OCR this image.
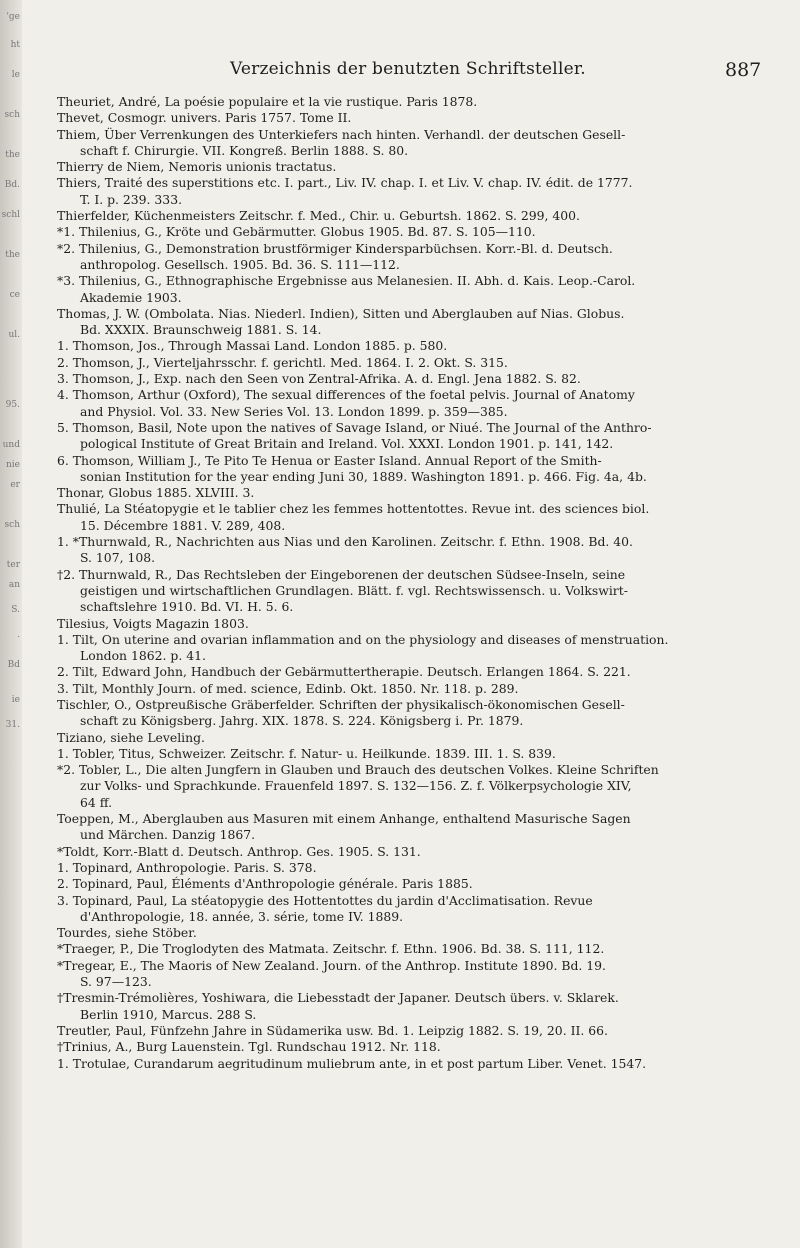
'ge
ht
le
sch
the
Bd.
schl
the
ce
ul.
95.
und
nie
er
sch
ter
an
S.
.
Bd
ie
31.
Verzeichnis der benutzten Schriftsteller.	887
Theuriet, André, La poésie populaire et la vie rustique. Paris 1878.
Thevet, Cosmogr. univers. Paris 1757. Tome II.
Thiem, Über Verrenkungen des Unterkiefers nach hinten. Verhandl. der deutschen Gesell-
schaft f. Chirurgie. VII. Kongreß. Berlin 1888. S. 80.
Thierry de Niem, Nemoris unionis tractatus.
Thiers, Traité des superstitions etc. I. part., Liv. IV. chap. I. et Liv. V. chap. IV. édit. de 1777.
T. I. p. 239. 333.
Thierfelder, Küchenmeisters Zeitschr. f. Med., Chir. u. Geburtsh. 1862. S. 299, 400.
*1. Thilenius, G., Kröte und Gebärmutter. Globus 1905. Bd. 87. S. 105—110.
*2. Thilenius, G., Demonstration brustförmiger Kindersparbüchsen. Korr.-Bl. d. Deutsch.
anthropolog. Gesellsch. 1905. Bd. 36. S. 111—112.
*3. Thilenius, G., Ethnographische Ergebnisse aus Melanesien. II. Abh. d. Kais. Leop.-Carol.
Akademie 1903.
Thomas, J. W. (Ombolata. Nias. Niederl. Indien), Sitten und Aberglauben auf Nias. Globus.
Bd. XXXIX. Braunschweig 1881. S. 14.
1. Thomson, Jos., Through Massai Land. London 1885. p. 580.
2. Thomson, J., Vierteljahrsschr. f. gerichtl. Med. 1864. I. 2. Okt. S. 315.
3. Thomson, J., Exp. nach den Seen von Zentral-Afrika. A. d. Engl. Jena 1882. S. 82.
4. Thomson, Arthur (Oxford), The sexual differences of the foetal pelvis. Journal of Anatomy
and Physiol. Vol. 33. New Series Vol. 13. London 1899. p. 359—385.
5. Thomson, Basil, Note upon the natives of Savage Island, or Niué. The Journal of the Anthro-
pological Institute of Great Britain and Ireland. Vol. XXXI. London 1901. p. 141, 142.
6. Thomson, William J., Te Pito Te Henua or Easter Island. Annual Report of the Smith-
sonian Institution for the year ending Juni 30, 1889. Washington 1891. p. 466. Fig. 4a, 4b.
Thonar, Globus 1885. XLVIII. 3.
Thulié, La Stéatopygie et le tablier chez les femmes hottentottes. Revue int. des sciences biol.
15. Décembre 1881. V. 289, 408.
1. *Thurnwald, R., Nachrichten aus Nias und den Karolinen. Zeitschr. f. Ethn. 1908. Bd. 40.
S. 107, 108.
†2. Thurnwald, R., Das Rechtsleben der Eingeborenen der deutschen Südsee-Inseln, seine
geistigen und wirtschaftlichen Grundlagen. Blätt. f. vgl. Rechtswissensch. u. Volkswirt-
schaftslehre 1910. Bd. VI. H. 5. 6.
Tilesius, Voigts Magazin 1803.
1. Tilt, On uterine and ovarian inflammation and on the physiology and diseases of menstruation.
London 1862. p. 41.
2. Tilt, Edward John, Handbuch der Gebärmuttertherapie. Deutsch. Erlangen 1864. S. 221.
3. Tilt, Monthly Journ. of med. science, Edinb. Okt. 1850. Nr. 118. p. 289.
Tischler, O., Ostpreußische Gräberfelder. Schriften der physikalisch-ökonomischen Gesell-
schaft zu Königsberg. Jahrg. XIX. 1878. S. 224. Königsberg i. Pr. 1879.
Tiziano, siehe Leveling.
1. Tobler, Titus, Schweizer. Zeitschr. f. Natur- u. Heilkunde. 1839. III. 1. S. 839.
*2. Tobler, L., Die alten Jungfern in Glauben und Brauch des deutschen Volkes. Kleine Schriften
zur Volks- und Sprachkunde. Frauenfeld 1897. S. 132—156. Z. f. Völkerpsychologie XIV,
64 ff.
Toeppen, M., Aberglauben aus Masuren mit einem Anhange, enthaltend Masurische Sagen
und Märchen. Danzig 1867.
*Toldt, Korr.-Blatt d. Deutsch. Anthrop. Ges. 1905. S. 131.
1. Topinard, Anthropologie. Paris. S. 378.
2. Topinard, Paul, Éléments d'Anthropologie générale. Paris 1885.
3. Topinard, Paul, La stéatopygie des Hottentottes du jardin d'Acclimatisation. Revue
d'Anthropologie, 18. année, 3. série, tome IV. 1889.
Tourdes, siehe Stöber.
*Traeger, P., Die Troglodyten des Matmata. Zeitschr. f. Ethn. 1906. Bd. 38. S. 111, 112.
*Tregear, E., The Maoris of New Zealand. Journ. of the Anthrop. Institute 1890. Bd. 19.
S. 97—123.
†Tresmin-Trémolières, Yoshiwara, die Liebesstadt der Japaner. Deutsch übers. v. Sklarek.
Berlin 1910, Marcus. 288 S.
Treutler, Paul, Fünfzehn Jahre in Südamerika usw. Bd. 1. Leipzig 1882. S. 19, 20. II. 66.
†Trinius, A., Burg Lauenstein. Tgl. Rundschau 1912. Nr. 118.
1. Trotulae, Curandarum aegritudinum muliebrum ante, in et post partum Liber. Venet. 1547.
